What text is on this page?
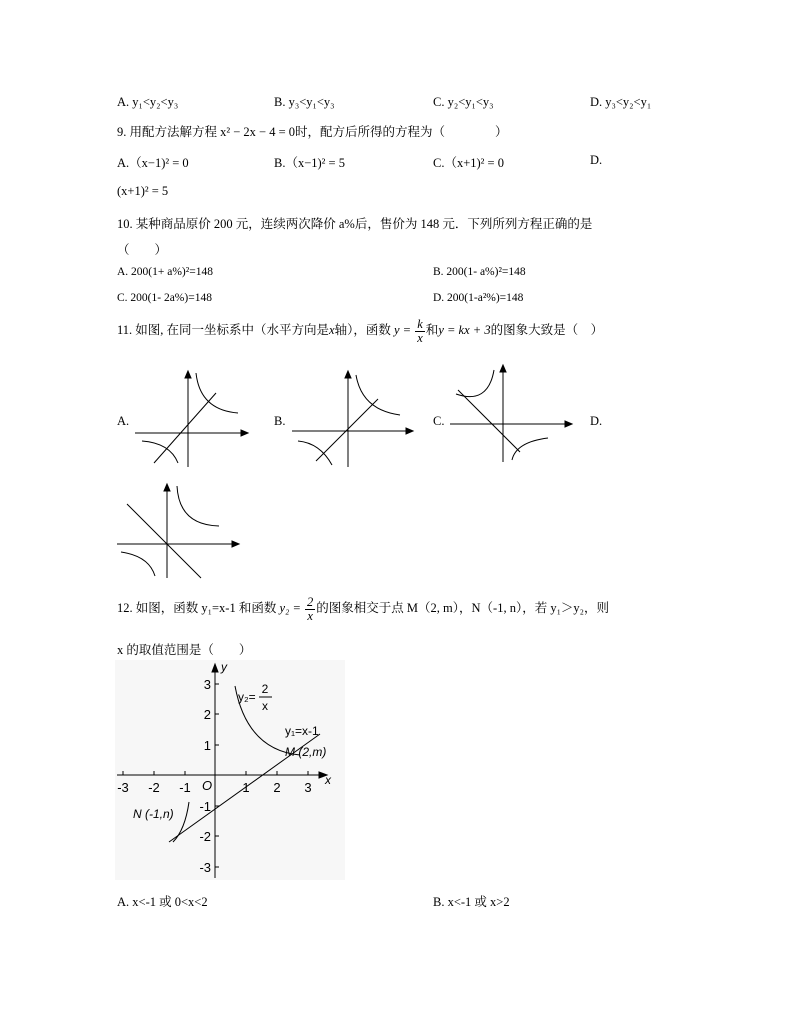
A. y₁<y₂<y₃	B. y₃<y₁<y₃	C. y₂<y₁<y₃	D. y₃<y₂<y₁
9. 用配方法解方程 x² − 2x − 4 = 0时，配方后所得的方程为（　　　　）
A.（x−1)² = 0	B.（x−1)² = 5	C.（x+1)² = 0	D.
(x+1)² = 5
10. 某种商品原价 200 元，连续两次降价 a%后，售价为 148 元．下列所列方程正确的是
（　　）
A. 200(1+ a%)²=148	B. 200(1- a%)²=148
C. 200(1- 2a%)=148	D. 200(1-a²%)=148
11. 如图, 在同一坐标系中（水平方向是x轴），函数 $y = \frac{k}{x}$ 和y = kx + 3的图象大致是（　）
A.	B.	C.	D.
12. 如图，函数 y₁=x-1 和函数 $y_2 = \frac{2}{x}$ 的图象相交于点 M（2, m），N（-1, n），若 y₁＞y₂，则
x 的取值范围是（　　）
-3 -2 -1	1 2 3
3
2
1
-1
-2
-3
O	x
y
y₂=
2
x
y₁=x-1
M (2,m)
N (-1,n)
A. x<-1 或 0<x<2	B. x<-1 或 x>2
